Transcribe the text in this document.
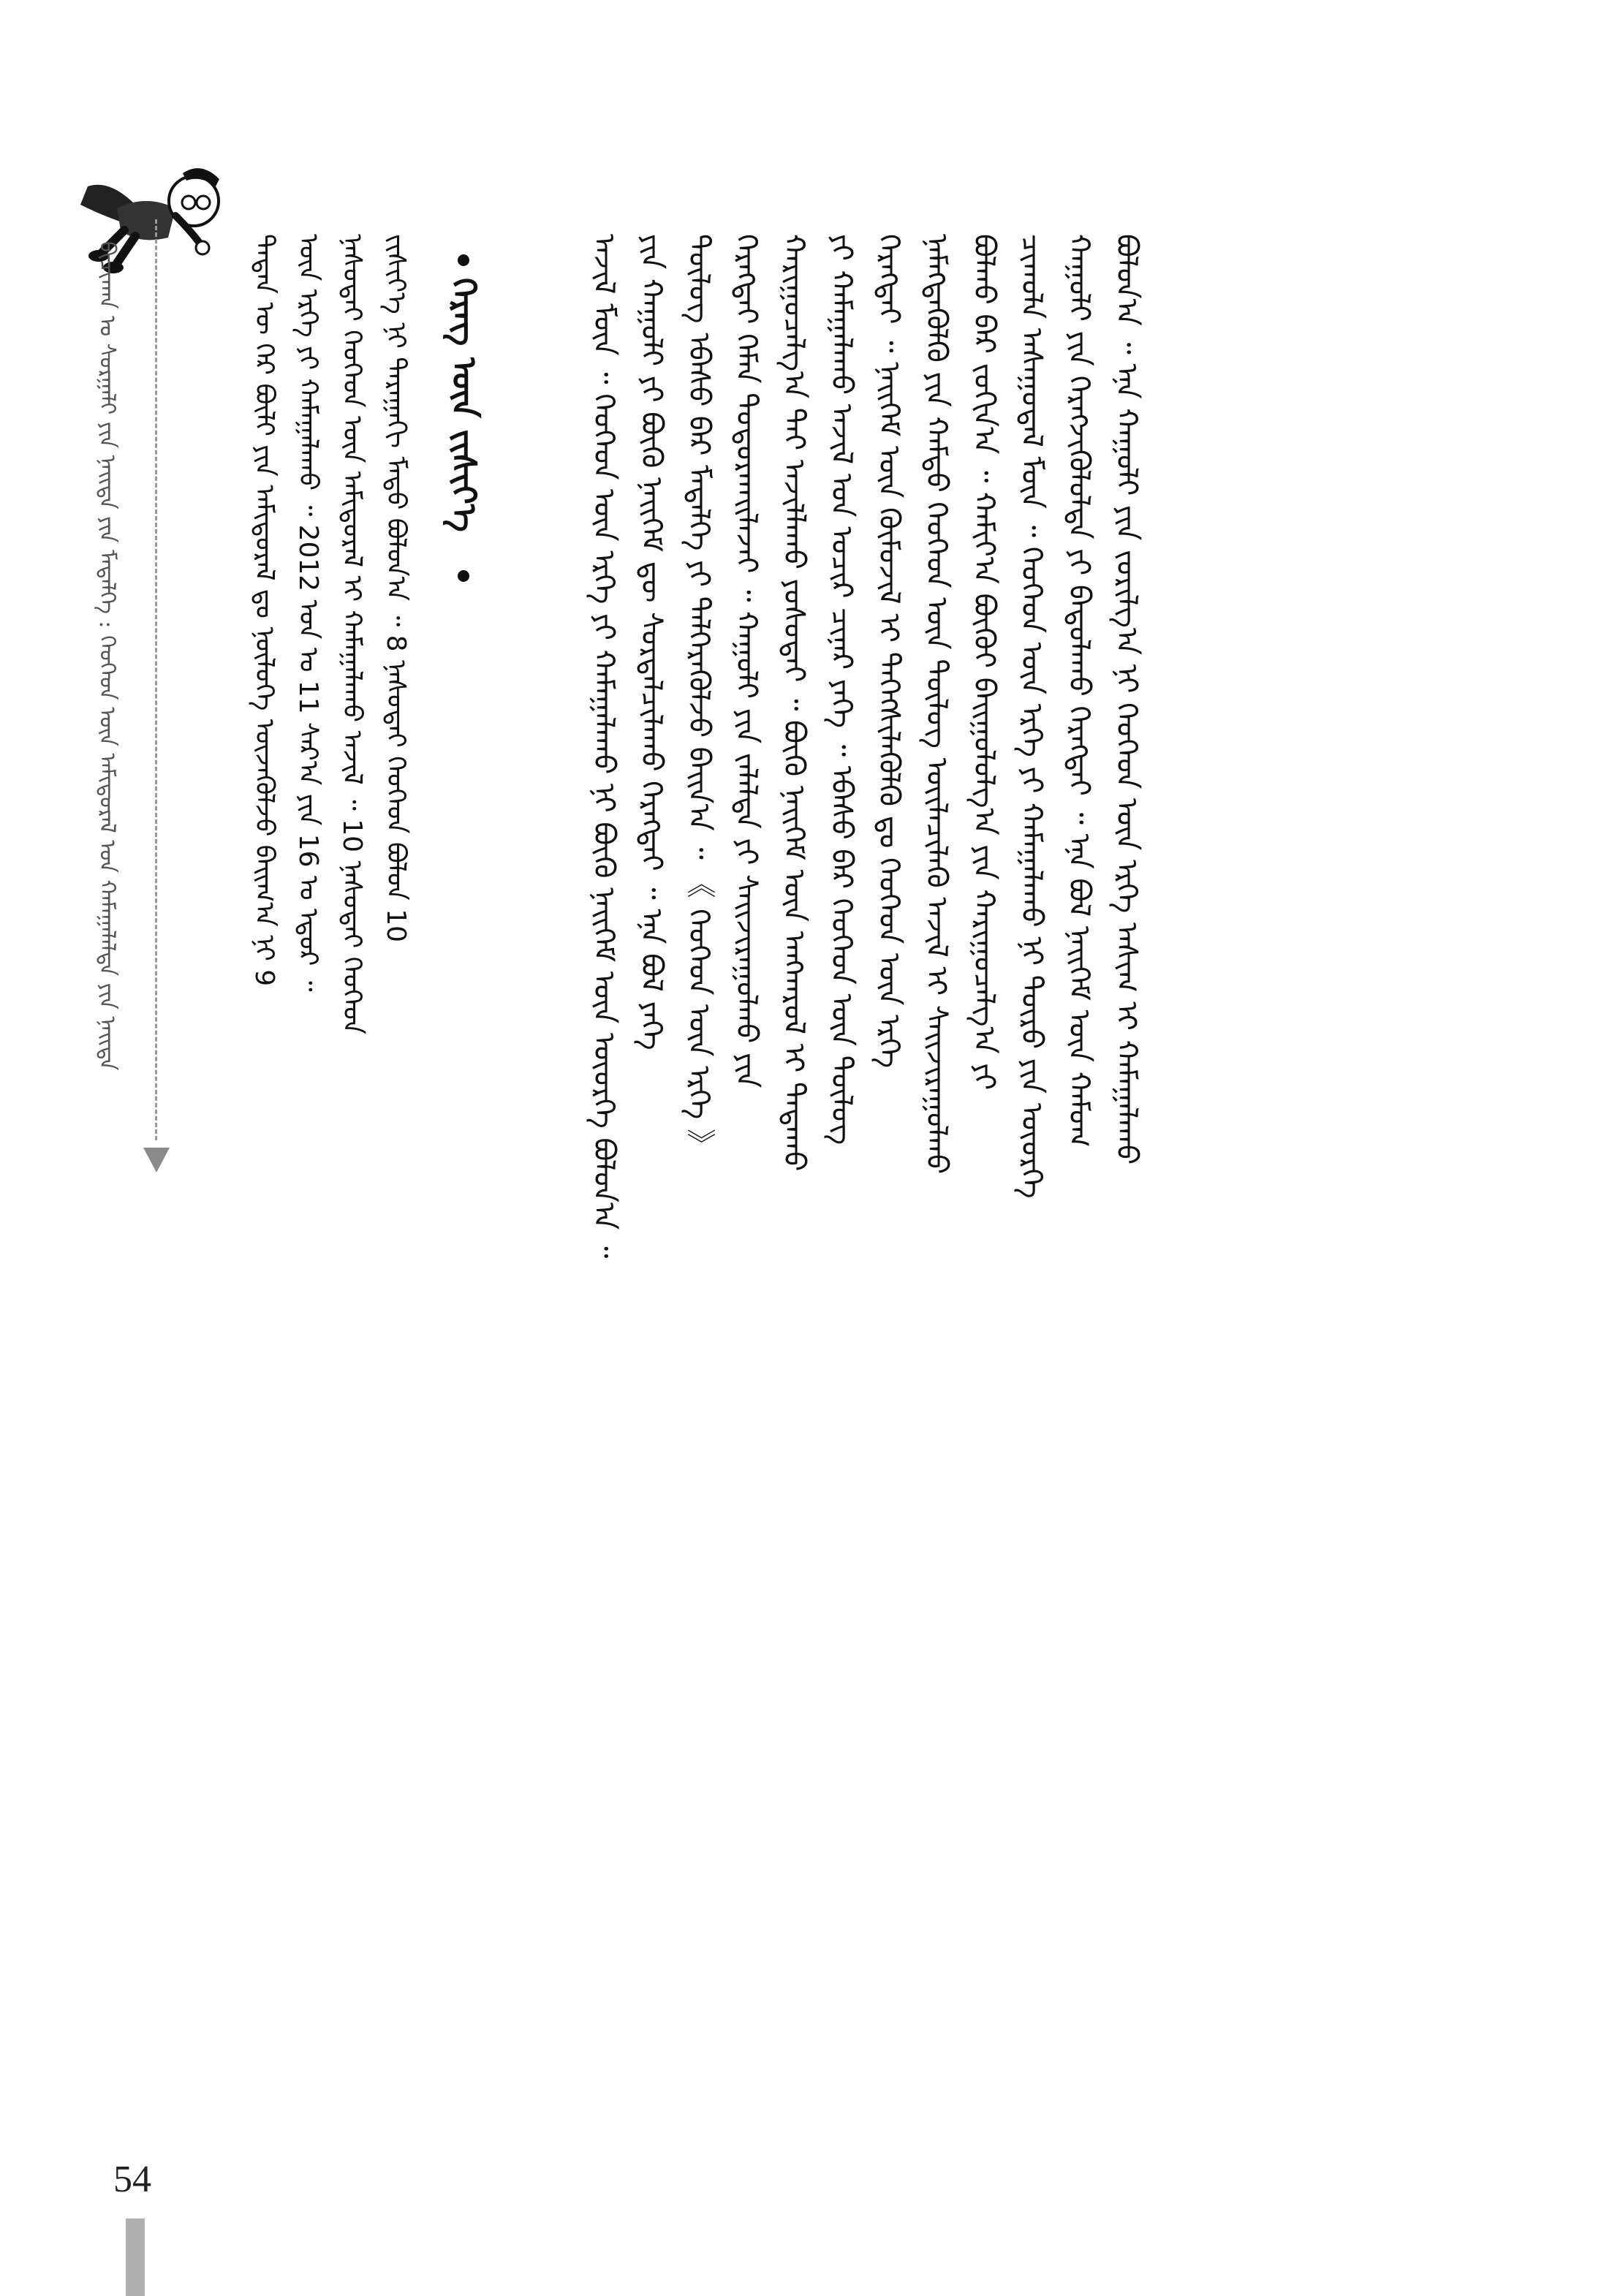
ᠪᠢᠴᠢᠬᠠᠨ ᠤ ᠰᠤᠷᠭᠠᠯᠢ ᠶᠢᠨ ᠨᠡᠢᠲᠡ ᠶᠢᠨ ᠮᠡᠳᠡᠯᠭᠡ : ᠬᠡᠦᠬᠡᠳ ᠦᠨ ᠠᠮᠢᠳᠤᠷᠠᠯ ᠤᠨ ᠬᠠᠮᠠᠭᠠᠯᠠᠯᠲᠠ ᠶᠢᠨ ᠨᠡᠢᠲᠡ	ᠲᠡᠳᠡᠨ ᠦ ᠭᠡᠷ ᠪᠦᠯᠢ ᠶᠢᠨ ᠠᠮᠢᠳᠤᠷᠠᠯ ᠳᠤ ᠨᠥᠯᠥᠭᠡ ᠦᠵᠡᠭᠦᠯᠵᠦ ᠪᠠᠢᠭ᠎ᠠ ᠨᠢ 9 ᠦᠨ ᠡᠷᠬᠡ ᠶᠢ ᠬᠠᠮᠠᠭᠠᠯᠠᠬᠤ ᠃ 2012 ᠣᠨ ᠤ 11 ᠰᠠᠷ᠎ᠠ ᠶᠢᠨ 16 ᠤ ᠡᠳᠦᠷ ᠃ ᠨᠠᠰᠤᠲᠠᠢ ᠬᠡᠦᠬᠡᠳ ᠦᠨ ᠠᠮᠢᠳᠤᠷᠠᠯ ᠢ ᠬᠠᠮᠠᠭᠠᠯᠠᠬᠤ ᠠᠵᠢᠯ ᠃ 10 ᠨᠠᠰᠤᠲᠠᠢ ᠬᠡᠦᠬᠡᠳ ᠵᠢᠱᠢᠶ᠎ᠡ ᠨᠢ ᠳᠠᠷᠠᠭᠠᠬᠢ ᠮᠡᠲᠦ ᠪᠣᠯᠤᠨ᠎ᠠ ᠃ 8 ᠨᠠᠰᠤᠲᠠᠢ ᠬᠡᠦᠬᠡᠳ ᠪᠣᠯᠤᠨ 10 ᠬᠡᠷᠡᠭ ᠦᠨ ᠵᠢᠱᠢᠶ᠎ᠡ	ᠠᠵᠢᠯ ᠮᠥᠨ ᠃ ᠬᠡᠦᠬᠡᠳ ᠦᠨ ᠡᠷᠬᠡ ᠶᠢ ᠬᠠᠮᠠᠭᠠᠯᠠᠬᠤ ᠨᠢ ᠪᠦᠬᠦ ᠨᠡᠢᠭᠡᠮ ᠦᠨ ᠦᠦᠷᠭᠡ ᠪᠣᠯᠤᠨ᠎ᠠ ᠃ ᠶᠢᠨ ᠬᠠᠭᠤᠯᠢ ᠶᠢ ᠪᠦᠬᠦ ᠨᠡᠢᠭᠡᠮ ᠳᠦ ᠰᠤᠷᠲᠠᠯᠴᠢᠯᠠᠬᠤ ᠬᠡᠷᠡᠭᠲᠡᠢ ᠃ ᠡᠨᠡ ᠪᠣᠯ ᠶᠡᠬᠡ ᠲᠥᠯᠦᠭ᠌ ᠡᠪᠡᠰᠦ ᠪᠡᠷ ᠮᠡᠳᠡᠯᠭᠡ ᠶᠢ ᠳᠡᠯᠭᠡᠷᠡᠭᠦᠯᠵᠦ ᠪᠠᠢᠨ᠎ᠠ ᠃ 《 ᠬᠡᠦᠬᠡᠳ ᠦᠨ ᠡᠷᠬᠡ 》 ᠬᠡᠷᠡᠭᠲᠡᠢ ᠬᠡᠮᠡᠨ ᠲᠣᠳᠤᠷᠬᠠᠢᠯᠠᠵᠠᠢ ᠃ ᠬᠠᠭᠤᠯᠢ ᠶᠢᠨ ᠵᠠᠯᠠᠯᠲᠠ ᠶᠢ ᠰᠠᠢᠵᠢᠷᠠᠭᠤᠯᠬᠤ ᠶᠢᠨ ᠬᠠᠷᠢᠭᠤᠴᠠᠯᠭ᠎ᠠ ᠲᠠᠢ ᠠᠵᠢᠯᠯᠠᠬᠤ ᠶᠣᠰᠤᠲᠠᠢ ᠃ ᠪᠦᠬᠦ ᠨᠡᠢᠭᠡᠮ ᠦᠨ ᠠᠩᠬᠠᠷᠤᠯ ᠢ ᠲᠠᠲᠠᠬᠤ ᠶᠢ ᠬᠠᠮᠠᠭᠠᠯᠠᠬᠤ ᠠᠵᠢᠯ ᠤᠨ ᠤᠴᠢᠷ ᠴᠢᠨᠠᠷ ᠶᠡᠬᠡ ᠃ ᠡᠪᠡᠰᠦ ᠪᠡᠷ ᠬᠡᠦᠬᠡᠳ ᠦᠨ ᠲᠥᠯᠦᠭ᠌ ᠬᠡᠷᠡᠭᠲᠡᠢ ᠃ ᠨᠡᠢᠭᠡᠮ ᠦᠨ ᠬᠦᠮᠦᠵᠢᠯ ᠢ ᠳᠡᠭᠡᠭᠰᠢᠯᠡᠭᠦᠯᠬᠦ ᠳᠤ ᠬᠡᠦᠬᠡᠳ ᠦᠨ ᠡᠷᠬᠡ ᠨᠡᠮᠡᠭᠳᠡᠭᠦᠯᠬᠦ ᠶᠢᠨ ᠬᠠᠮᠲᠤ ᠬᠡᠦᠬᠡᠳ ᠦᠨ ᠲᠥᠯᠦᠭ᠌ ᠦᠢᠯᠡᠴᠢᠯᠡᠬᠦ ᠠᠵᠢᠯ ᠢ ᠰᠠᠢᠵᠢᠷᠠᠭᠤᠯᠬᠤ ᠪᠣᠯᠬᠤ ᠪᠠᠷ ᠵᠣᠬᠢᠨ᠎ᠠ ᠃ ᠬᠠᠮᠢᠶ᠎ᠠ ᠪᠦᠬᠦᠢ ᠪᠠᠢᠭᠤᠯᠤᠯᠭ᠎ᠠ ᠶᠢᠨ ᠬᠠᠷᠢᠭᠤᠴᠠᠯᠭ᠎ᠠ ᠶᠢ ᠴᠢᠬᠤᠯᠠ ᠠᠰᠠᠭᠤᠳᠠᠯ ᠮᠥᠨ ᠃ ᠬᠡᠦᠬᠡᠳ ᠦᠨ ᠡᠷᠬᠡ ᠶᠢ ᠬᠠᠮᠠᠭᠠᠯᠠᠬᠤ ᠨᠢ ᠲᠥᠷᠥ ᠶᠢᠨ ᠦᠦᠷᠭᠡ ᠬᠠᠭᠤᠯᠢ ᠶᠢᠨ ᠬᠡᠷᠡᠭᠵᠢᠭᠦᠯᠦᠯᠲᠡ ᠶᠢ ᠪᠠᠲᠤᠯᠠᠬᠤ ᠬᠡᠷᠡᠭᠲᠡᠢ ᠃ ᠡᠨᠡ ᠪᠣᠯ ᠨᠡᠢᠭᠡᠮ ᠦᠨ ᠬᠠᠮᠤᠭ ᠪᠣᠯᠤᠨ᠎ᠠ ᠃ ᠡᠨᠡ ᠬᠠᠭᠤᠯᠢ ᠶᠢᠨ ᠵᠣᠷᠢᠯᠭ᠎ᠠ ᠨᠢ ᠬᠡᠦᠬᠡᠳ ᠦᠨ ᠡᠷᠬᠡ ᠠᠰᠢᠭ ᠢ ᠬᠠᠮᠠᠭᠠᠯᠠᠬᠤ
54
